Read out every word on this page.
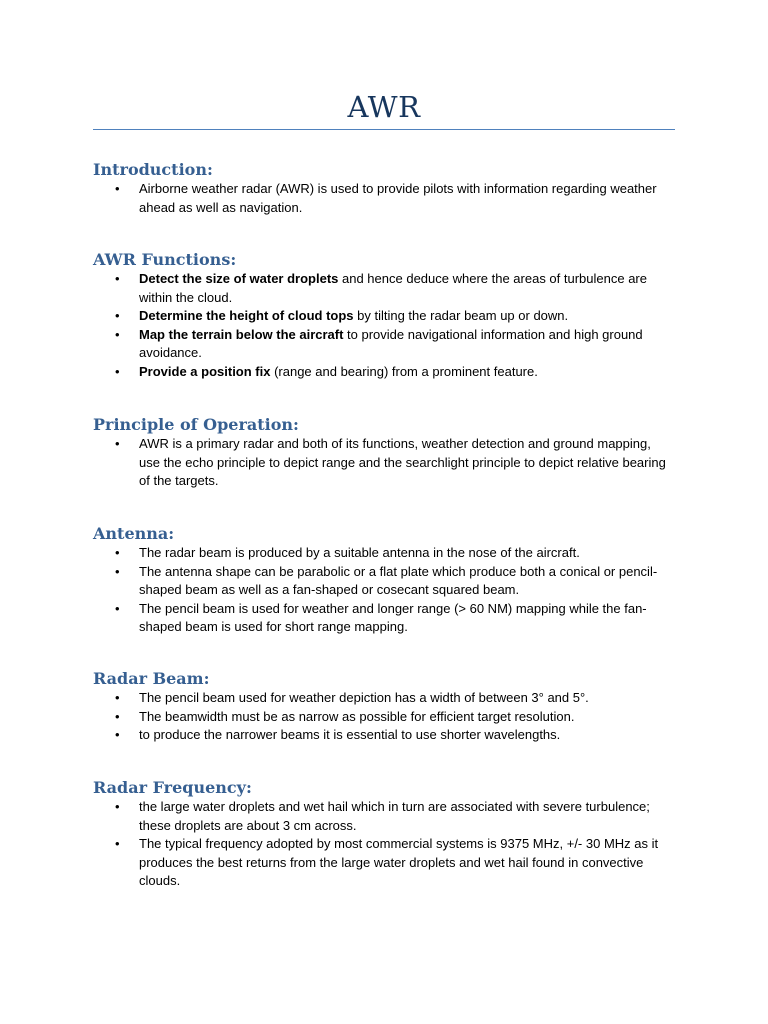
AWR
Introduction:
• Airborne weather radar (AWR) is used to provide pilots with information regarding weather ahead as well as navigation.
AWR Functions:
• Detect the size of water droplets and hence deduce where the areas of turbulence are within the cloud.
• Determine the height of cloud tops by tilting the radar beam up or down.
• Map the terrain below the aircraft to provide navigational information and high ground avoidance.
• Provide a position fix (range and bearing) from a prominent feature.
Principle of Operation:
• AWR is a primary radar and both of its functions, weather detection and ground mapping, use the echo principle to depict range and the searchlight principle to depict relative bearing of the targets.
Antenna:
• The radar beam is produced by a suitable antenna in the nose of the aircraft.
• The antenna shape can be parabolic or a flat plate which produce both a conical or pencil-shaped beam as well as a fan-shaped or cosecant squared beam.
• The pencil beam is used for weather and longer range (> 60 NM) mapping while the fan-shaped beam is used for short range mapping.
Radar Beam:
• The pencil beam used for weather depiction has a width of between 3° and 5°.
• The beamwidth must be as narrow as possible for efficient target resolution.
• to produce the narrower beams it is essential to use shorter wavelengths.
Radar Frequency:
• the large water droplets and wet hail which in turn are associated with severe turbulence; these droplets are about 3 cm across.
• The typical frequency adopted by most commercial systems is 9375 MHz, +/- 30 MHz as it produces the best returns from the large water droplets and wet hail found in convective clouds.
